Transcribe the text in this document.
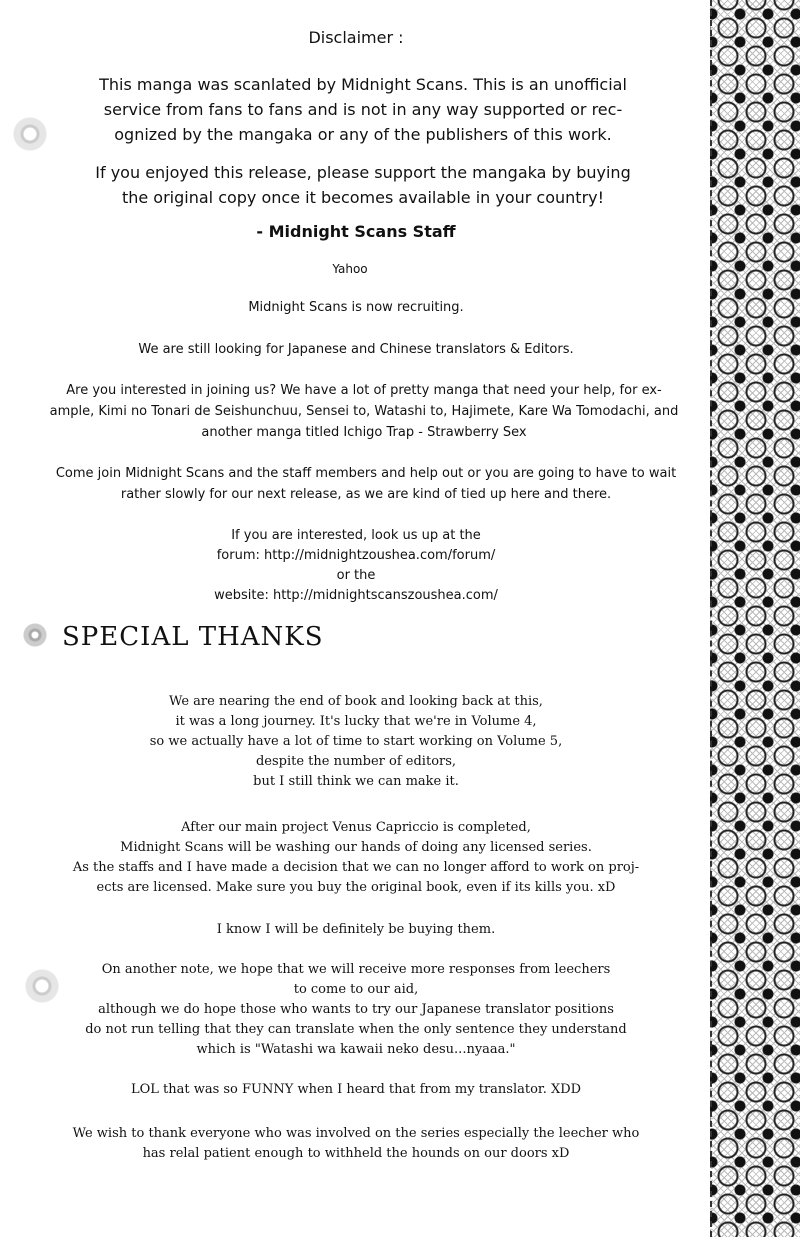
Disclaimer :
This manga was scanlated by Midnight Scans. This is an unofficial
service from fans to fans and is not in any way supported or rec-
ognized by the mangaka or any of the publishers of this work.
If you enjoyed this release, please support the mangaka by buying
the original copy once it becomes available in your country!
- Midnight Scans Staff
Yahoo
Midnight Scans is now recruiting.
We are still looking for Japanese and Chinese translators & Editors.
Are you interested in joining us? We have a lot of pretty manga that need your help, for ex-
ample, Kimi no Tonari de Seishunchuu, Sensei to, Watashi to, Hajimete, Kare Wa Tomodachi, and
another manga titled Ichigo Trap - Strawberry Sex
Come join Midnight Scans and the staff members and help out or you are going to have to wait
rather slowly for our next release, as we are kind of tied up here and there.
If you are interested, look us up at the
forum: http://midnightzoushea.com/forum/
or the
website: http://midnightscanszoushea.com/
SPECIAL THANKS
We are nearing the end of book and looking back at this,
it was a long journey. It's lucky that we're in Volume 4,
so we actually have a lot of time to start working on Volume 5,
despite the number of editors,
but I still think we can make it.
After our main project Venus Capriccio is completed,
Midnight Scans will be washing our hands of doing any licensed series.
As the staffs and I have made a decision that we can no longer afford to work on proj-
ects are licensed. Make sure you buy the original book, even if its kills you. xD
I know I will be definitely be buying them.
On another note, we hope that we will receive more responses from leechers
to come to our aid,
although we do hope those who wants to try our Japanese translator positions
do not run telling that they can translate when the only sentence they understand
which is "Watashi wa kawaii neko desu...nyaaa."
LOL that was so FUNNY when I heard that from my translator. XDD
We wish to thank everyone who was involved on the series especially the leecher who
has relal patient enough to withheld the hounds on our doors xD
